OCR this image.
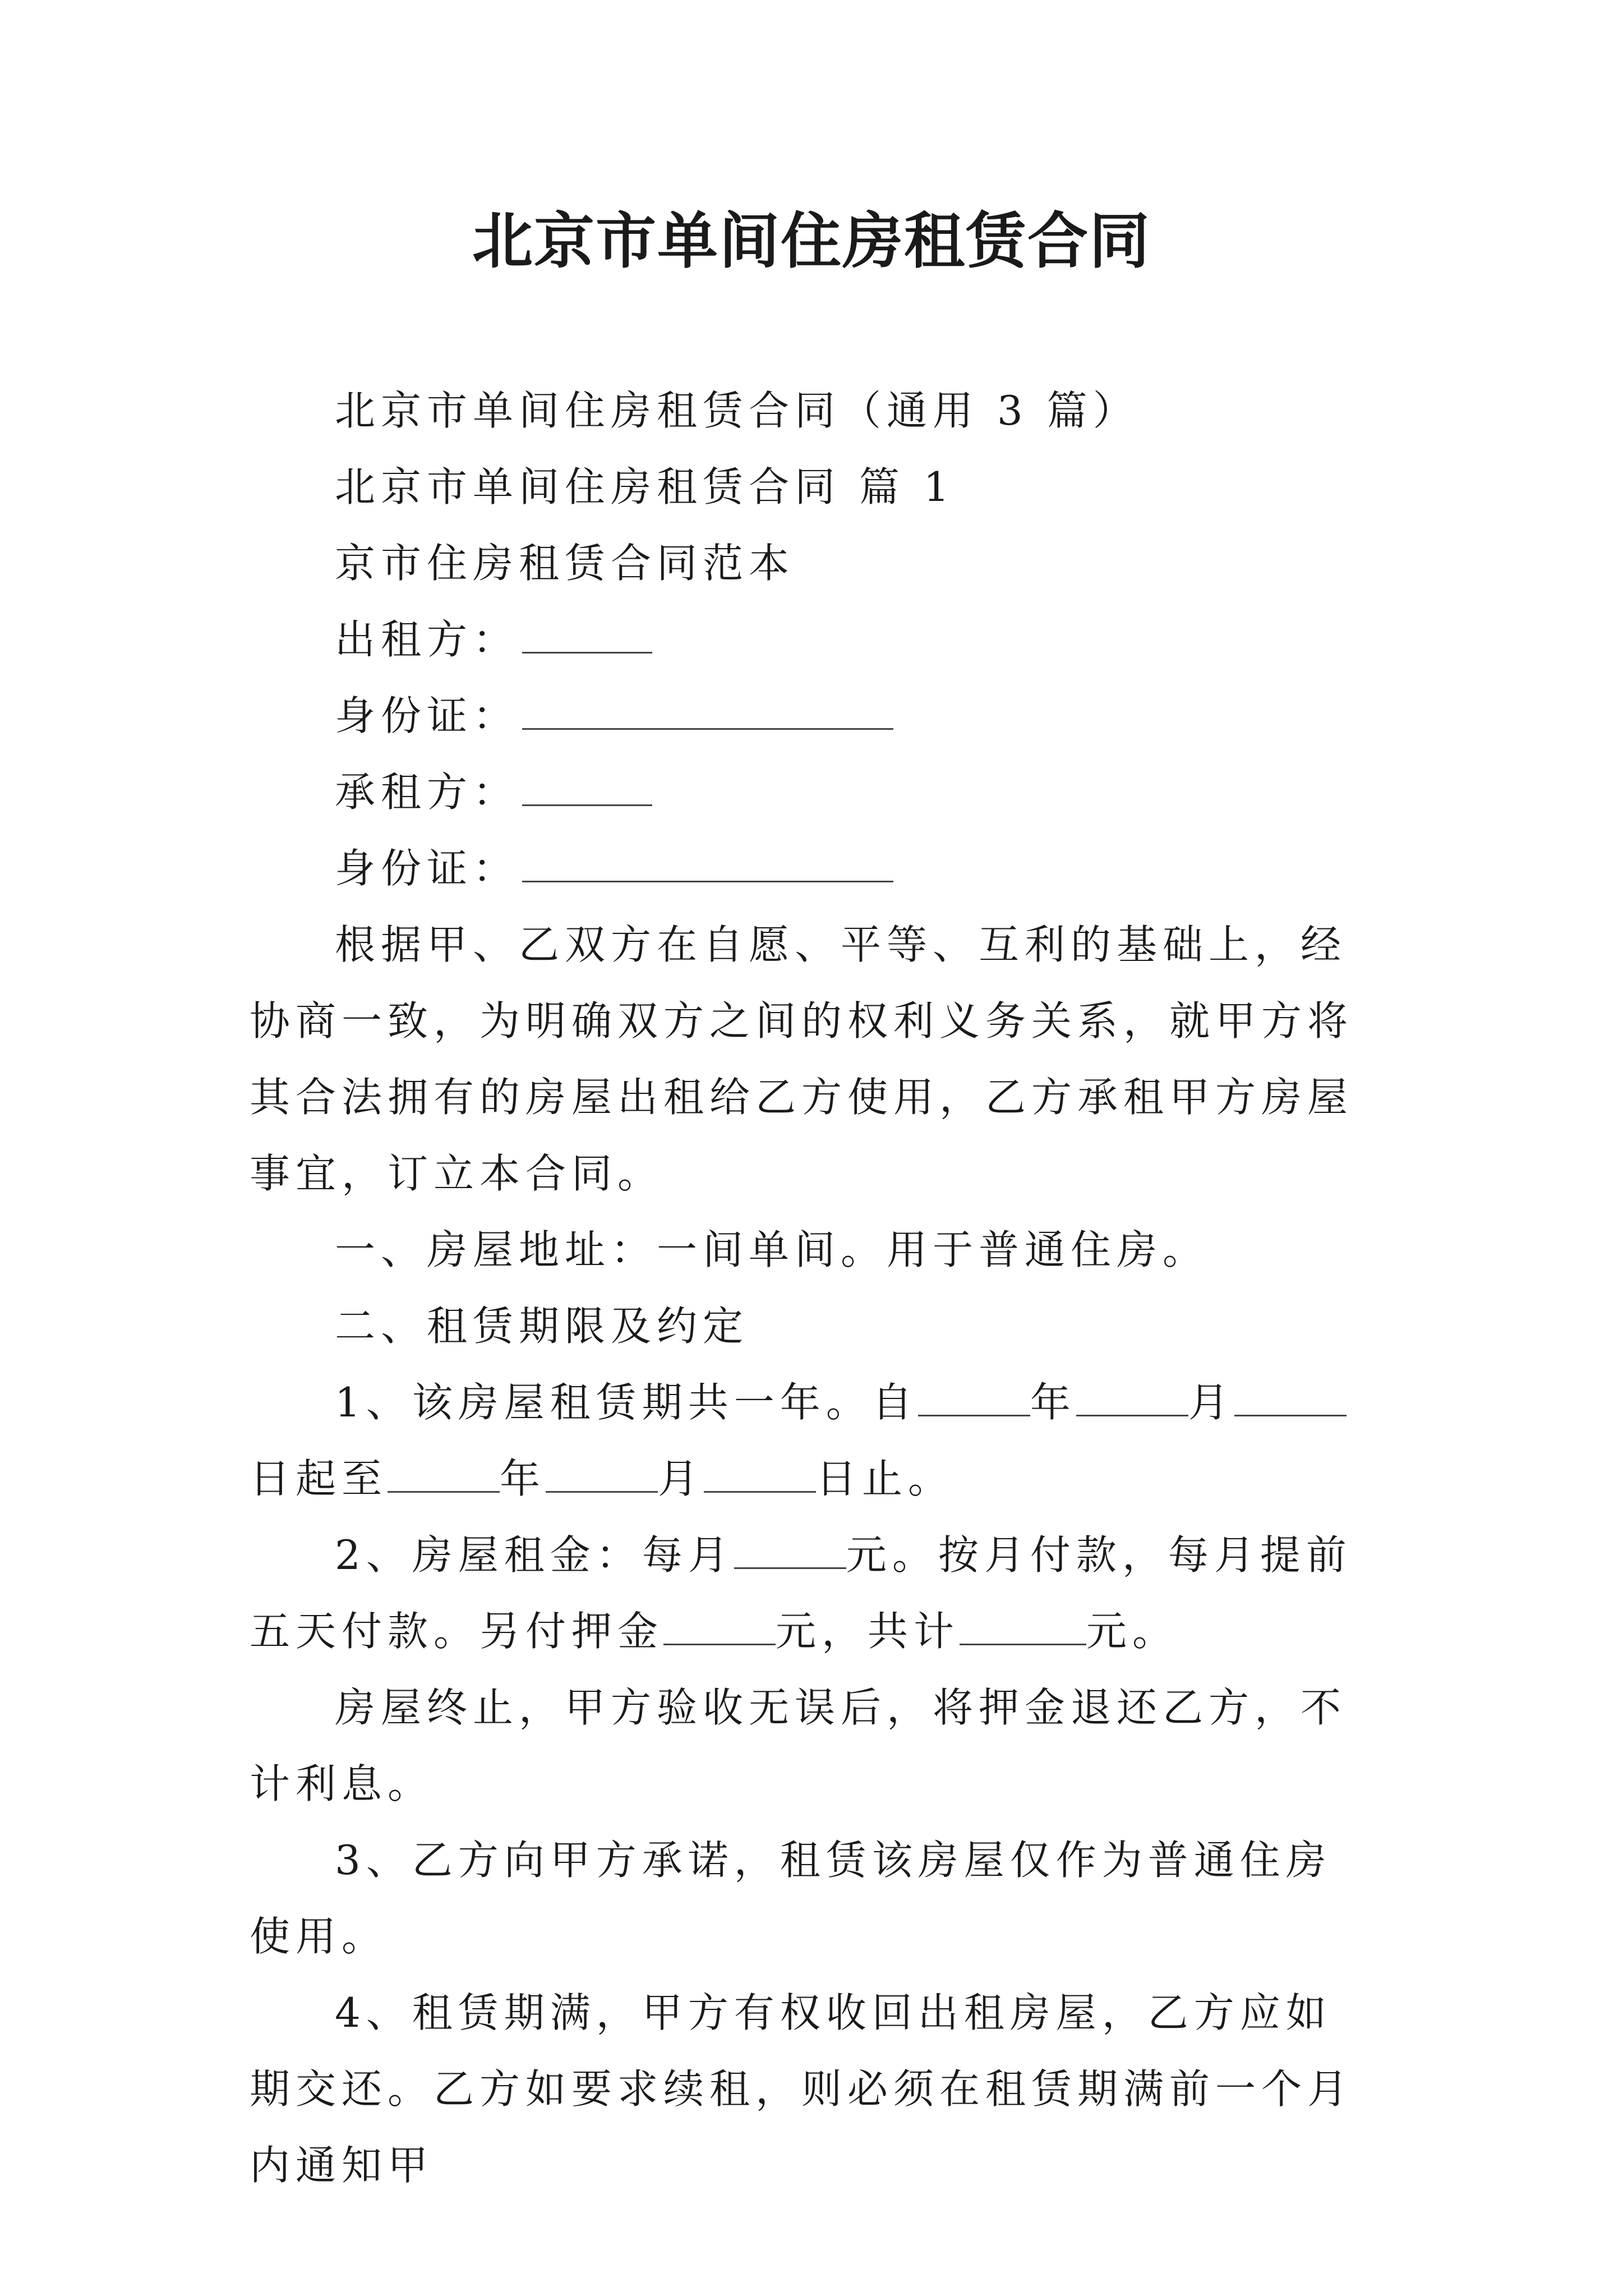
北京市单间住房租赁合同

北京市单间住房租赁合同（通用 3 篇）

北京市单间住房租赁合同 篇 1

京市住房租赁合同范本

出租方：

身份证：

承租方：

身份证：

根据甲、乙双方在自愿、平等、互利的基础上，经协商一致，为明确双方之间的权利义务关系，就甲方将其合法拥有的房屋出租给乙方使用，乙方承租甲方房屋事宜，订立本合同。

一、房屋地址：一间单间。用于普通住房。

二、租赁期限及约定

1、该房屋租赁期共一年。自	年	月日起至	年	月	日止。

2、房屋租金：每月	元。按月付款，每月提前五天付款。另付押金	元，共计	元。

房屋终止，甲方验收无误后，将押金退还乙方，不计利息。

3、乙方向甲方承诺，租赁该房屋仅作为普通住房使用。

4、租赁期满，甲方有权收回出租房屋，乙方应如期交还。乙方如要求续租，则必须在租赁期满前一个月内通知甲
